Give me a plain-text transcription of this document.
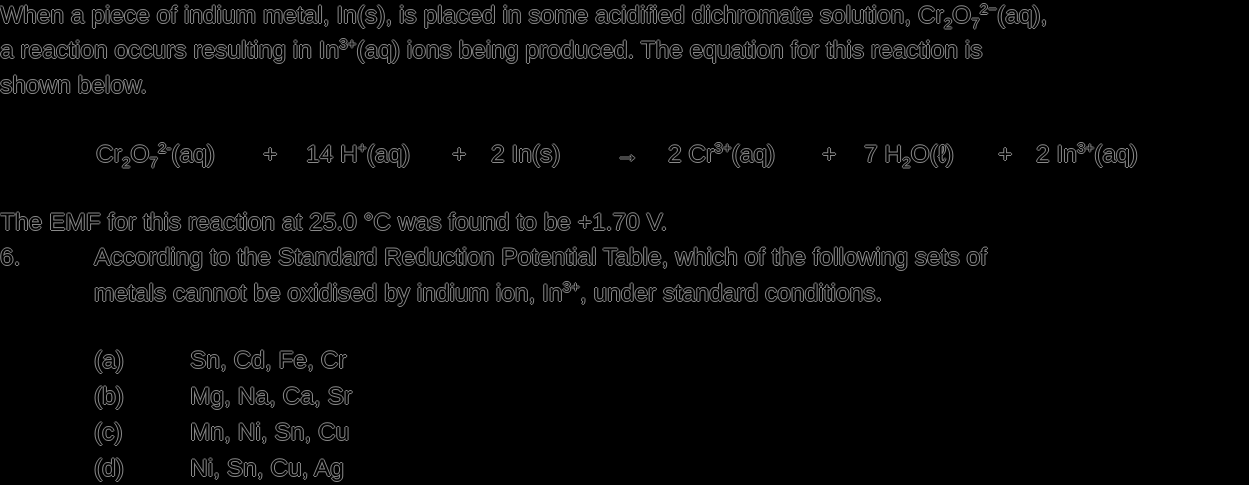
When a piece of indium metal, In(s), is placed in some acidified dichromate solution, $Cr_2O_7^{2-}(aq)$,
a reaction occurs resulting in $In^{3+}(aq)$ ions being produced. The equation for this reaction is
shown below.
$Cr_2O_7^{2-}(aq) + 14$ H+(aq) + 2 In(s) → 2 $Cr^{3+}(aq) + 7$ $H_2O(\ell) + 2$ $In^{3+}(aq)$
The EMF for this reaction at 25.0 °C was found to be +1.70 V.
6.	According to the Standard Reduction Potential Table, which of the following sets of
metals cannot be oxidised by indium ion, $In^{3+}$, under standard conditions.
(a)	Sn, Cd, Fe, Cr
(b)	Mg, Na, Ca, Sr
(c)	Mn, Ni, Sn, Cu
(d)	Ni, Sn, Cu, Ag
